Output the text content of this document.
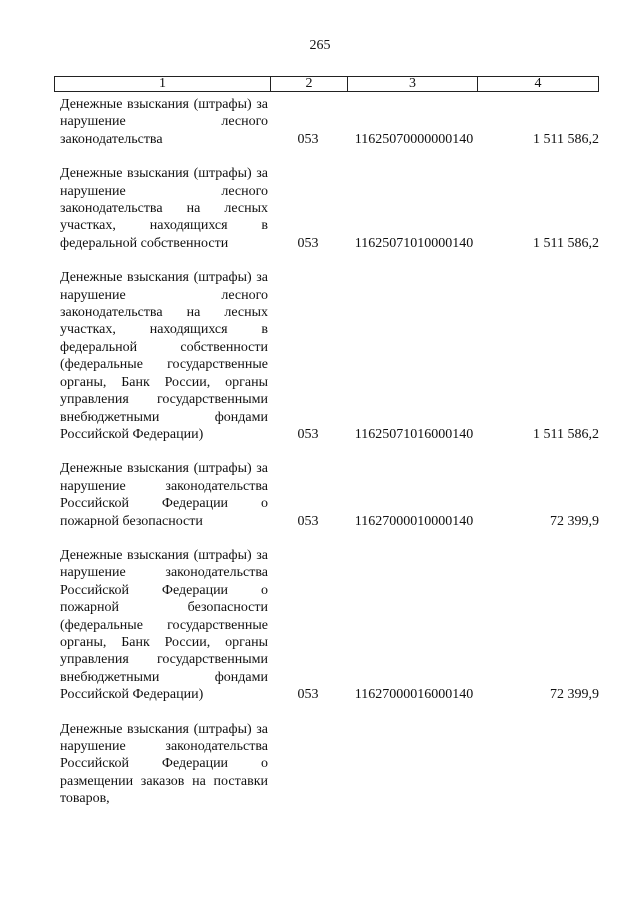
265
1	2	3	4
Денежные взыскания (штрафы) за нарушение лесного законодательства	053	11625070000000140	1 511 586,2
Денежные взыскания (штрафы) за нарушение лесного законодательства на лесных участках, находящихся в федеральной собственности	053	11625071010000140	1 511 586,2
Денежные взыскания (штрафы) за нарушение лесного законодательства на лесных участках, находящихся в федеральной собственности (федеральные государственные органы, Банк России, органы управления государственными внебюджетными фондами Российской Федерации)	053	11625071016000140	1 511 586,2
Денежные взыскания (штрафы) за нарушение законодательства Российской Федерации о пожарной безопасности	053	11627000010000140	72 399,9
Денежные взыскания (штрафы) за нарушение законодательства Российской Федерации о пожарной безопасности (федеральные государственные органы, Банк России, органы управления государственными внебюджетными фондами Российской Федерации)	053	11627000016000140	72 399,9
Денежные взыскания (штрафы) за нарушение законодательства Российской Федерации о размещении заказов на поставки товаров,
